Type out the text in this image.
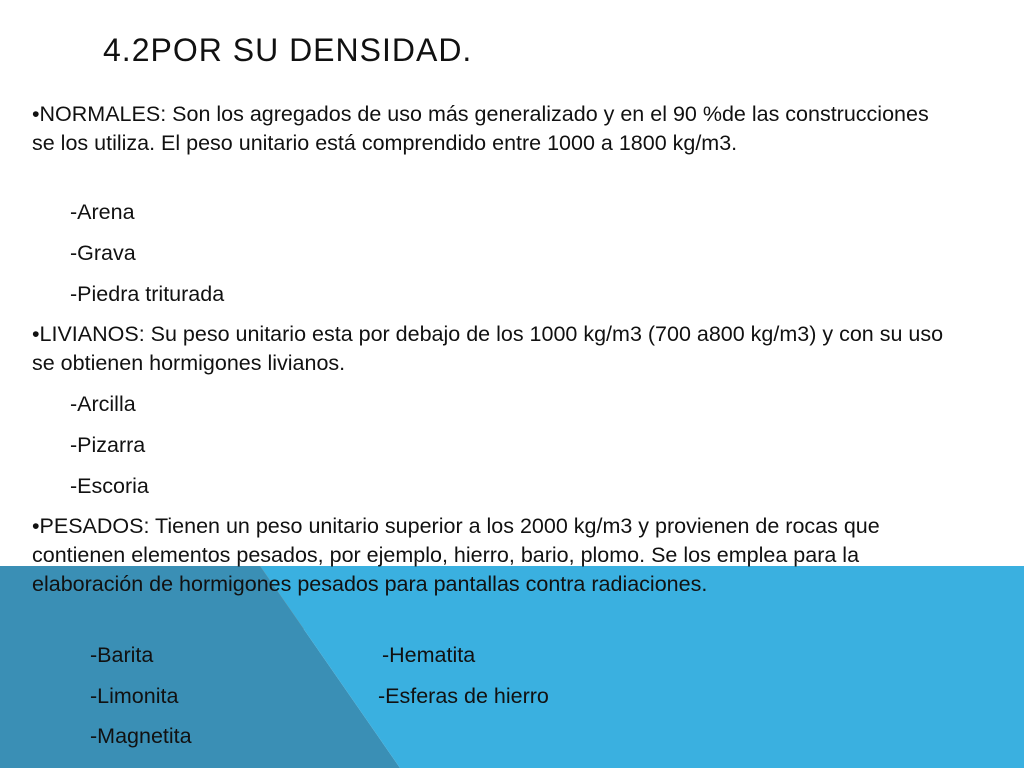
4.2POR SU DENSIDAD.
•NORMALES: Son los agregados de uso más generalizado y en el 90 %de las construcciones se los utiliza. El peso unitario está comprendido entre 1000 a 1800 kg/m3.
-Arena
-Grava
-Piedra triturada
•LIVIANOS: Su peso unitario esta por debajo de los 1000 kg/m3 (700 a800 kg/m3) y con su uso se obtienen hormigones livianos.
-Arcilla
-Pizarra
-Escoria
•PESADOS: Tienen un peso unitario superior a los 2000 kg/m3 y provienen de rocas que contienen elementos pesados, por ejemplo, hierro, bario, plomo. Se los emplea para la elaboración de hormigones pesados para pantallas contra radiaciones.
-Barita	-Hematita
-Limonita	-Esferas de hierro
-Magnetita
